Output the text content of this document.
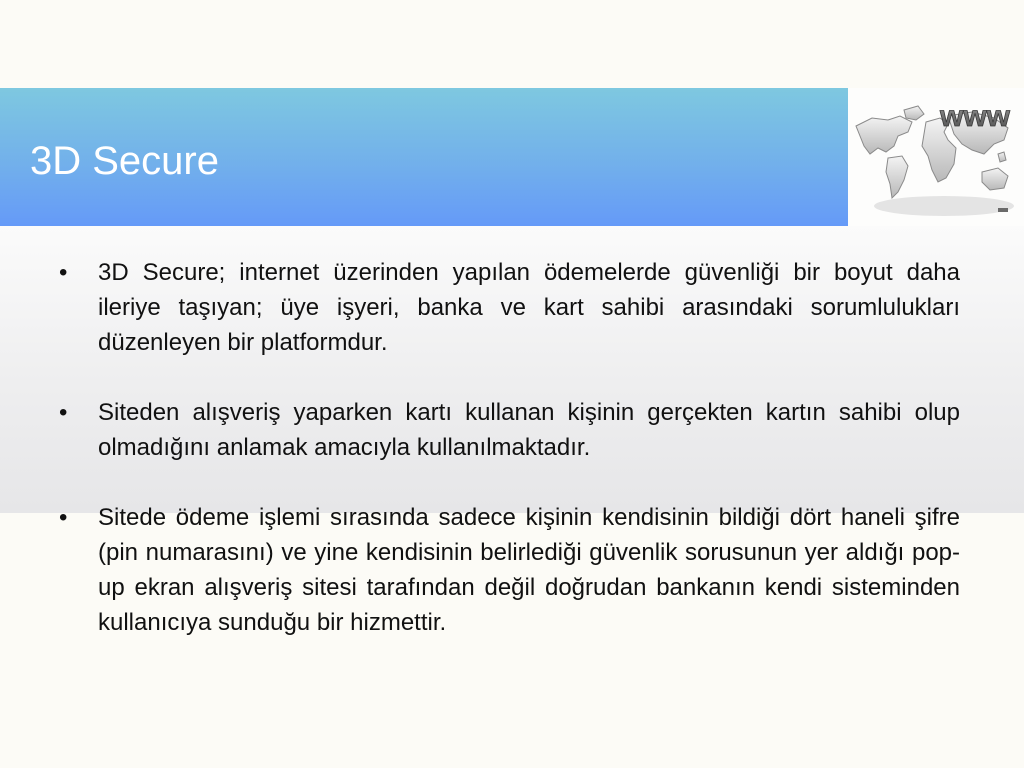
3D Secure
www
• 3D Secure; internet üzerinden yapılan ödemelerde güvenliği bir boyut daha ileriye taşıyan; üye işyeri, banka ve kart sahibi arasındaki sorumlulukları düzenleyen bir platformdur.
• Siteden alışveriş yaparken kartı kullanan kişinin gerçekten kartın sahibi olup olmadığını anlamak amacıyla kullanılmaktadır.
• Sitede ödeme işlemi sırasında sadece kişinin kendisinin bildiği dört haneli şifre (pin numarasını) ve yine kendisinin belirlediği güvenlik sorusunun yer aldığı pop-up ekran alışveriş sitesi tarafından değil doğrudan bankanın kendi sisteminden kullanıcıya sunduğu bir hizmettir.
